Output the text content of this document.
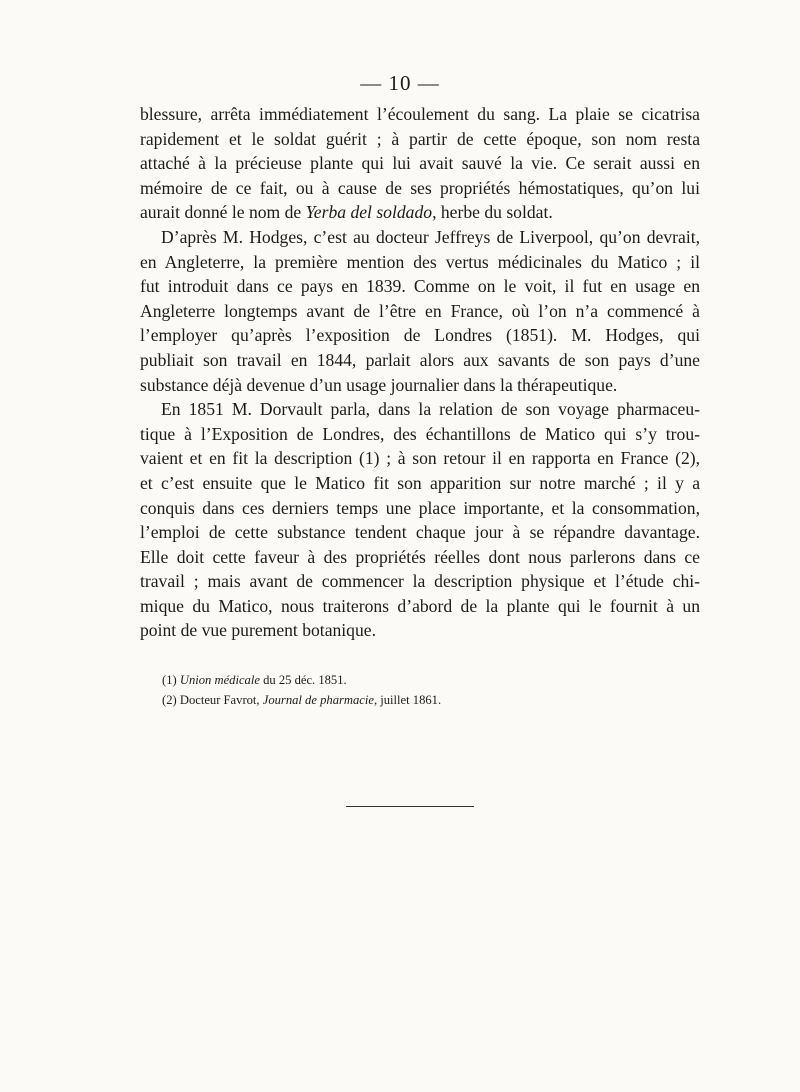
— 10 —
blessure, arrêta immédiatement l’écoulement du sang. La plaie se cicatrisa
rapidement et le soldat guérit ; à partir de cette époque, son nom resta
attaché à la précieuse plante qui lui avait sauvé la vie. Ce serait aussi en
mémoire de ce fait, ou à cause de ses propriétés hémostatiques, qu’on lui
aurait donné le nom de Yerba del soldado, herbe du soldat.
D’après M. Hodges, c’est au docteur Jeffreys de Liverpool, qu’on devrait,
en Angleterre, la première mention des vertus médicinales du Matico ; il
fut introduit dans ce pays en 1839. Comme on le voit, il fut en usage en
Angleterre longtemps avant de l’être en France, où l’on n’a commencé à
l’employer qu’après l’exposition de Londres (1851). M. Hodges, qui
publiait son travail en 1844, parlait alors aux savants de son pays d’une
substance déjà devenue d’un usage journalier dans la thérapeutique.
En 1851 M. Dorvault parla, dans la relation de son voyage pharmaceu-
tique à l’Exposition de Londres, des échantillons de Matico qui s’y trou-
vaient et en fit la description (1) ; à son retour il en rapporta en France (2),
et c’est ensuite que le Matico fit son apparition sur notre marché ; il y a
conquis dans ces derniers temps une place importante, et la consommation,
l’emploi de cette substance tendent chaque jour à se répandre davantage.
Elle doit cette faveur à des propriétés réelles dont nous parlerons dans ce
travail ; mais avant de commencer la description physique et l’étude chi-
mique du Matico, nous traiterons d’abord de la plante qui le fournit à un
point de vue purement botanique.
(1) Union médicale du 25 déc. 1851.
(2) Docteur Favrot, Journal de pharmacie, juillet 1861.
